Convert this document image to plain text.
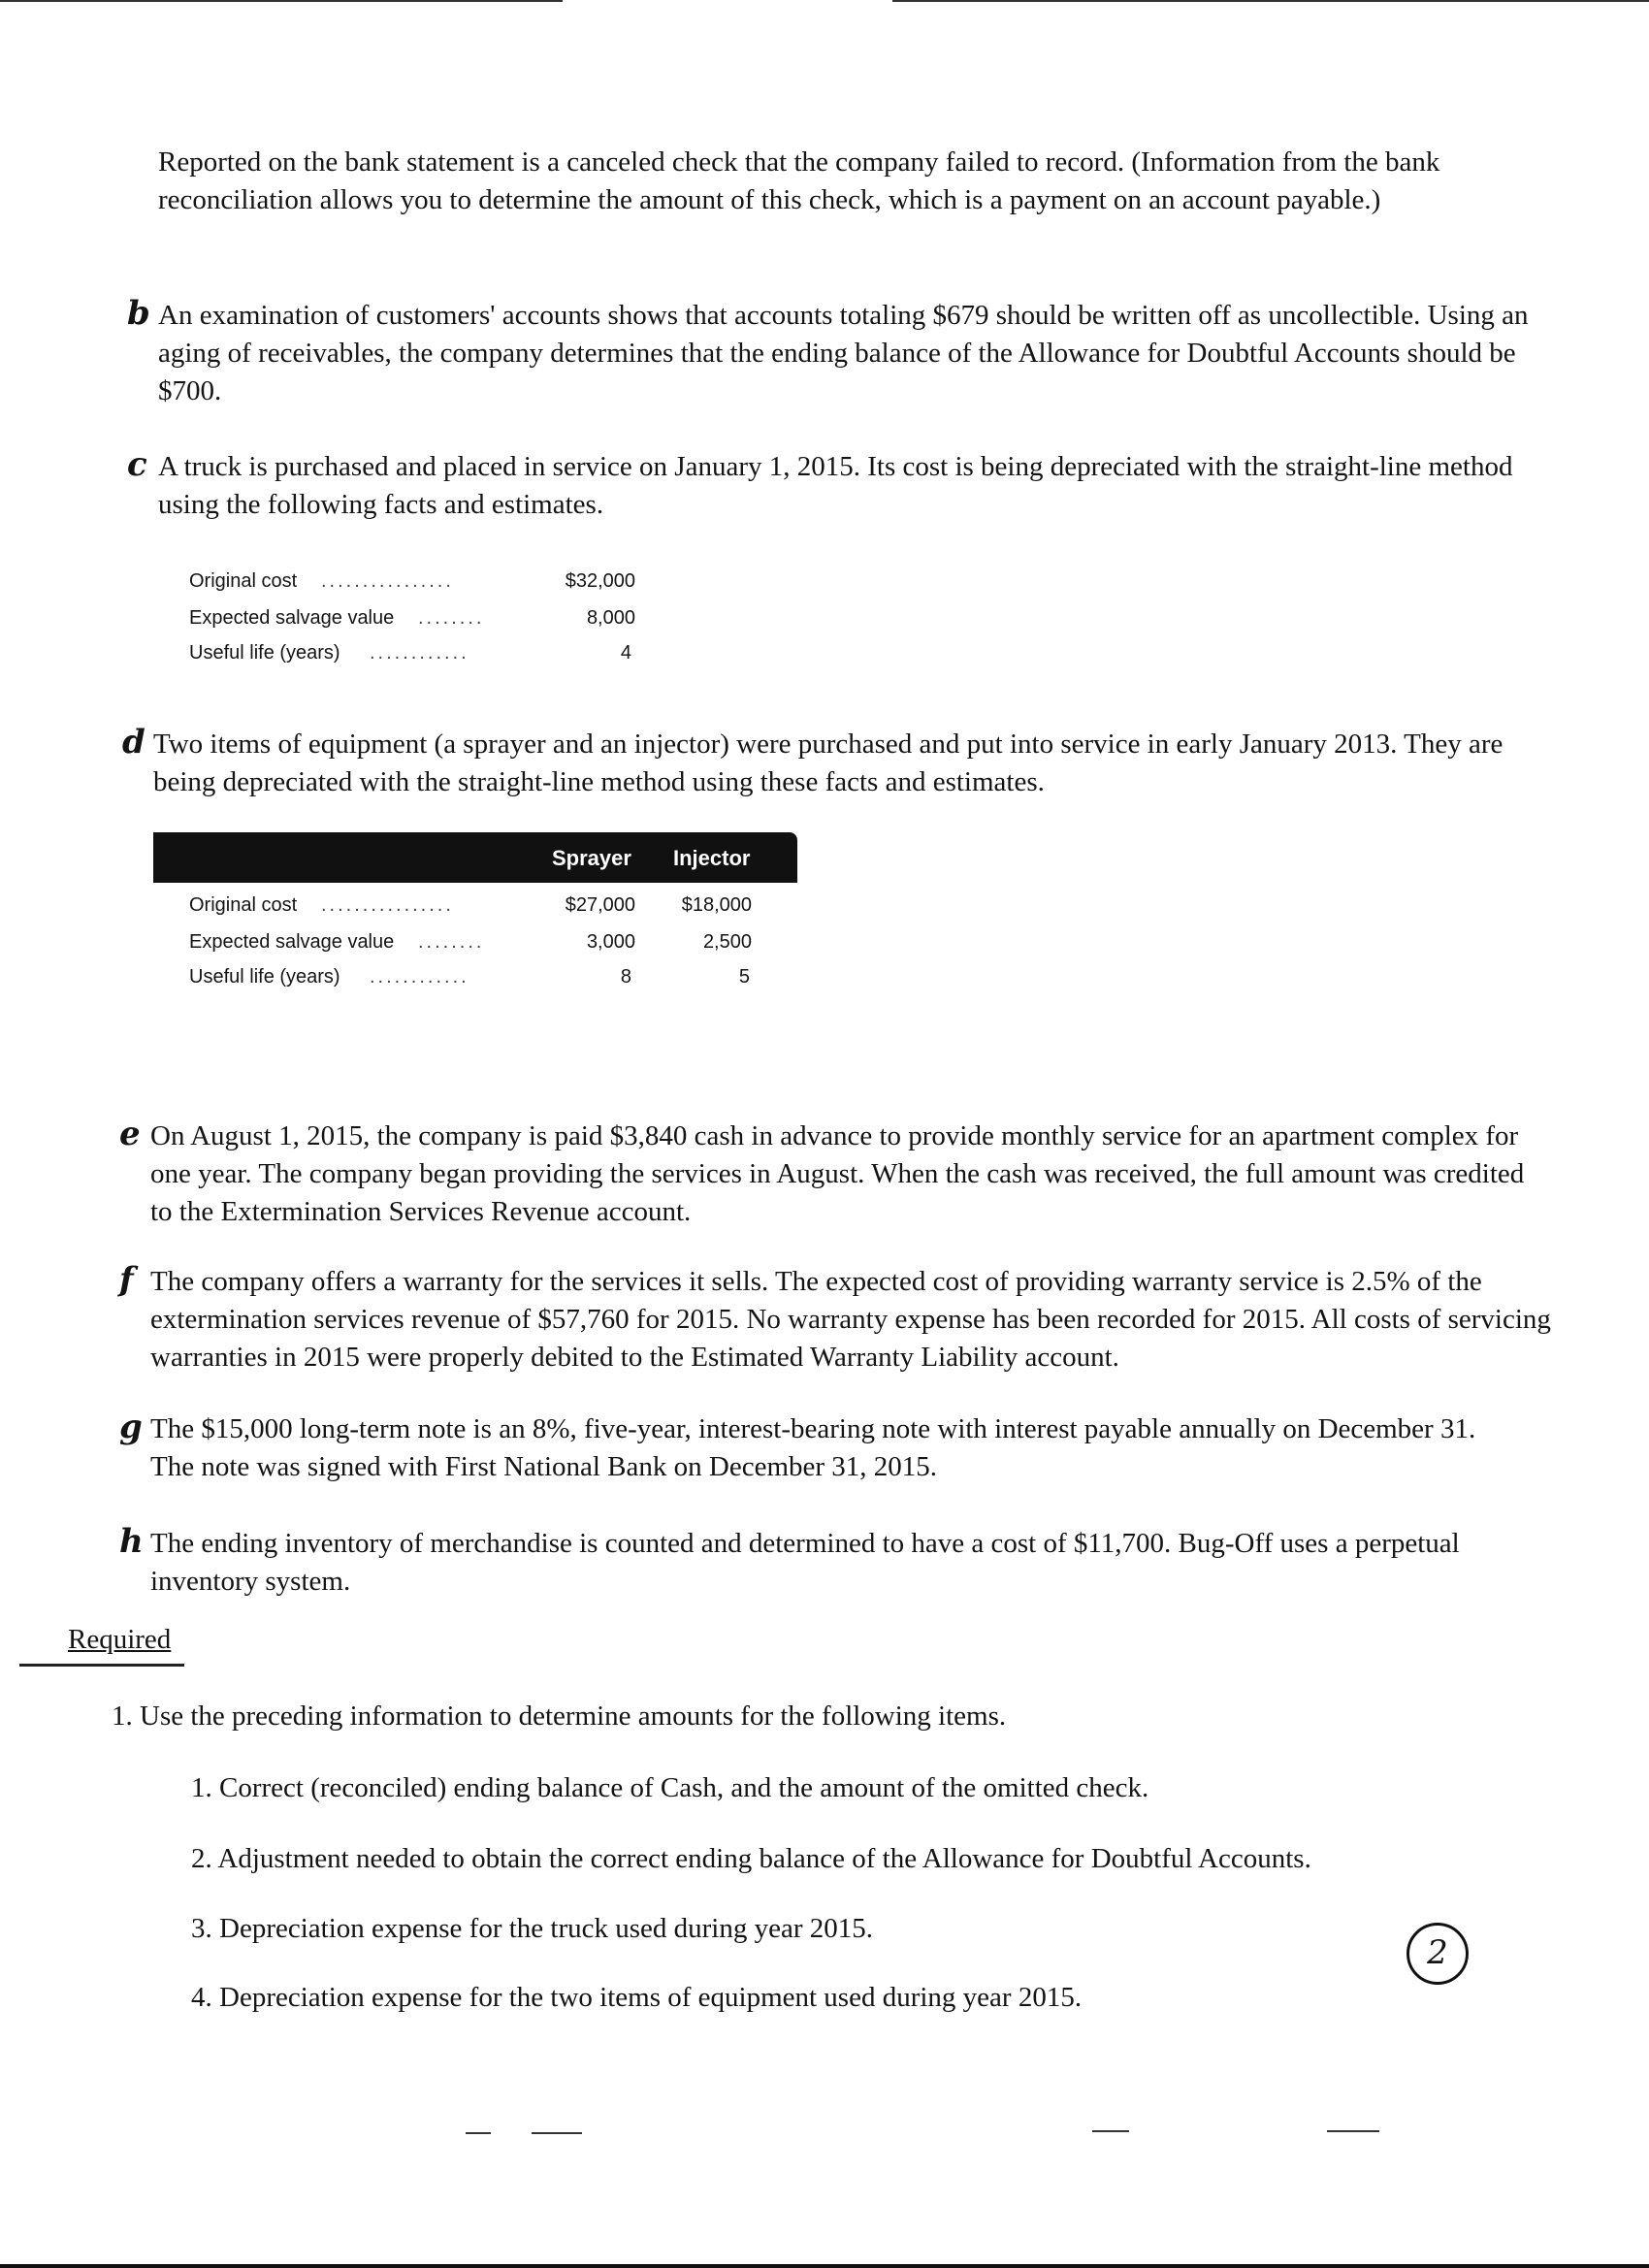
Reported on the bank statement is a canceled check that the company failed to record. (Information from the bank reconciliation allows you to determine the amount of this check, which is a payment on an account payable.)

b An examination of customers' accounts shows that accounts totaling $679 should be written off as uncollectible. Using an aging of receivables, the company determines that the ending balance of the Allowance for Doubtful Accounts should be $700.
c A truck is purchased and placed in service on January 1, 2015. Its cost is being depreciated with the straight-line method using the following facts and estimates.
Original cost ................	$32,000
Expected salvage value ........	8,000
Useful life (years) ............	4
d Two items of equipment (a sprayer and an injector) were purchased and put into service in early January 2013. They are being depreciated with the straight-line method using these facts and estimates.
Sprayer Injector
Original cost ................	$27,000 $18,000
Expected salvage value ........	3,000	2,500
Useful life (years) ............	8	5
e On August 1, 2015, the company is paid $3,840 cash in advance to provide monthly service for an apartment complex for one year. The company began providing the services in August. When the cash was received, the full amount was credited to the Extermination Services Revenue account.
f The company offers a warranty for the services it sells. The expected cost of providing warranty service is 2.5% of the extermination services revenue of $57,760 for 2015. No warranty expense has been recorded for 2015. All costs of servicing warranties in 2015 were properly debited to the Estimated Warranty Liability account.
g The $15,000 long-term note is an 8%, five-year, interest-bearing note with interest payable annually on December 31. The note was signed with First National Bank on December 31, 2015.
h The ending inventory of merchandise is counted and determined to have a cost of $11,700. Bug-Off uses a perpetual inventory system.
Required

1. Use the preceding information to determine amounts for the following items.

1. Correct (reconciled) ending balance of Cash, and the amount of the omitted check.

2. Adjustment needed to obtain the correct ending balance of the Allowance for Doubtful Accounts.

3. Depreciation expense for the truck used during year 2015.

4. Depreciation expense for the two items of equipment used during year 2015.

2
